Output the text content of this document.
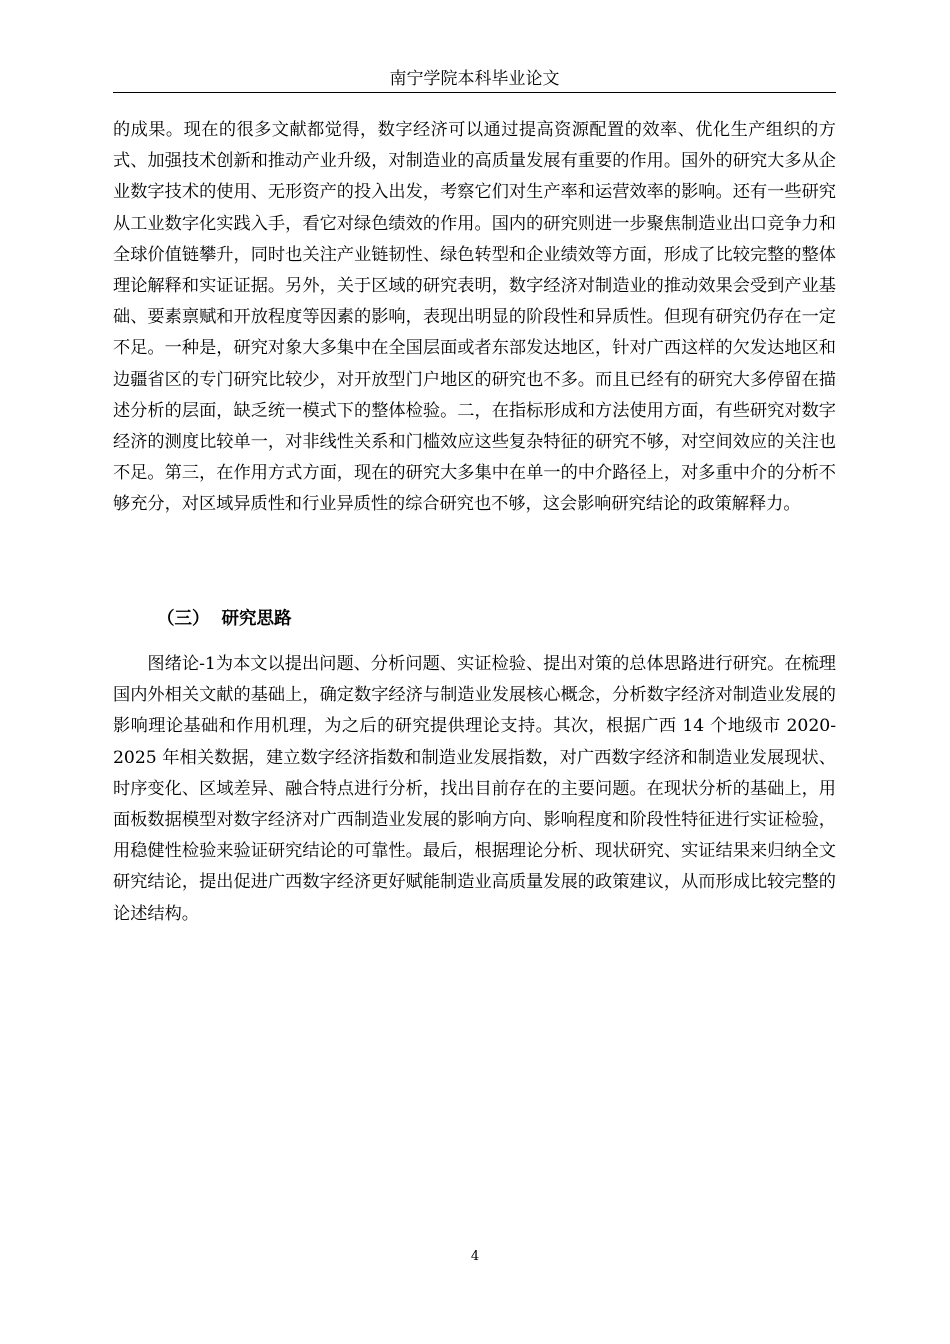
南宁学院本科毕业论文

的成果。现在的很多文献都觉得，数字经济可以通过提高资源配置的效率、优化生产组织的方式、加强技术创新和推动产业升级，对制造业的高质量发展有重要的作用。国外的研究大多从企业数字技术的使用、无形资产的投入出发，考察它们对生产率和运营效率的影响。还有一些研究从工业数字化实践入手，看它对绿色绩效的作用。国内的研究则进一步聚焦制造业出口竞争力和全球价值链攀升，同时也关注产业链韧性、绿色转型和企业绩效等方面，形成了比较完整的整体理论解释和实证证据。另外，关于区域的研究表明，数字经济对制造业的推动效果会受到产业基础、要素禀赋和开放程度等因素的影响，表现出明显的阶段性和异质性。但现有研究仍存在一定不足。一种是，研究对象大多集中在全国层面或者东部发达地区，针对广西这样的欠发达地区和边疆省区的专门研究比较少，对开放型门户地区的研究也不多。而且已经有的研究大多停留在描述分析的层面，缺乏统一模式下的整体检验。二，在指标形成和方法使用方面，有些研究对数字经济的测度比较单一，对非线性关系和门槛效应这些复杂特征的研究不够，对空间效应的关注也不足。第三，在作用方式方面，现在的研究大多集中在单一的中介路径上，对多重中介的分析不够充分，对区域异质性和行业异质性的综合研究也不够，这会影响研究结论的政策解释力。

（三） 研究思路

图绪论-1为本文以提出问题、分析问题、实证检验、提出对策的总体思路进行研究。在梳理国内外相关文献的基础上，确定数字经济与制造业发展核心概念，分析数字经济对制造业发展的影响理论基础和作用机理，为之后的研究提供理论支持。其次，根据广西 14 个地级市 2020-2025 年相关数据，建立数字经济指数和制造业发展指数，对广西数字经济和制造业发展现状、时序变化、区域差异、融合特点进行分析，找出目前存在的主要问题。在现状分析的基础上，用面板数据模型对数字经济对广西制造业发展的影响方向、影响程度和阶段性特征进行实证检验，用稳健性检验来验证研究结论的可靠性。最后，根据理论分析、现状研究、实证结果来归纳全文研究结论，提出促进广西数字经济更好赋能制造业高质量发展的政策建议，从而形成比较完整的论述结构。

4
